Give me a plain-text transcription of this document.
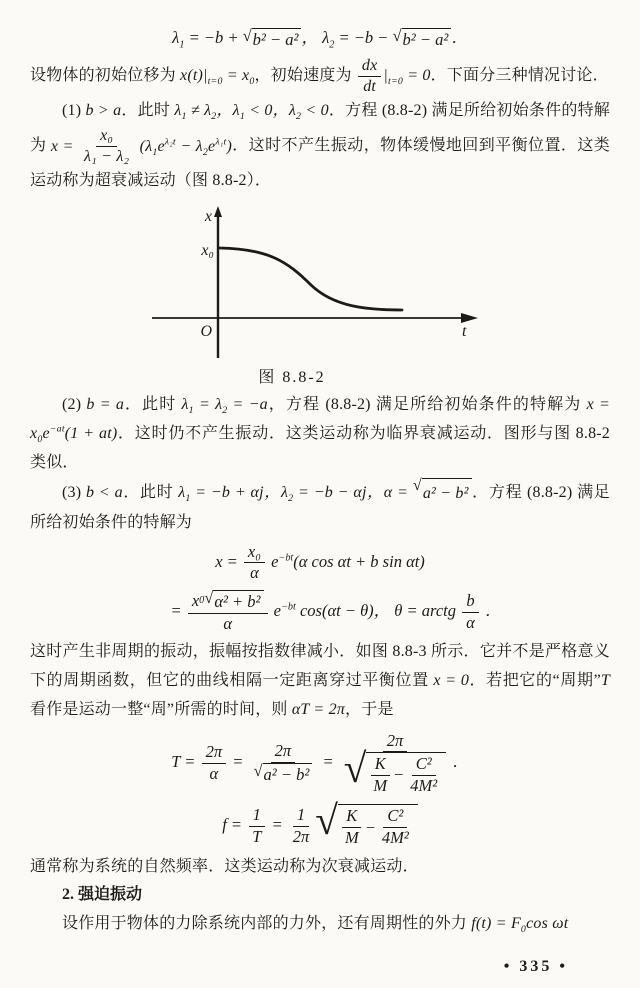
$\lambda_1 = -b$ + √ b² − a² ， $\lambda_2 = -b$ − √ b² − a² ．

设物体的初始位移为 $x(t)|_{t=0} = x_0$，初始速度为 $\frac{dx}{dt} |_{t=0} = 0$．下面分三种情况讨论．

(1) b > a．此时 $\lambda_1 \ne \lambda_2$，$\lambda_1 < 0$，$\lambda_2 < 0$．方程 (8.8-2) 满足所给初始条件的特解为 $x = \frac{\text{x₀}}{\text{λ₁ − λ₂}} (\lambda_1e^{\lambda_2t} - \lambda_2e^{\lambda_1t})$．这时不产生振动，物体缓慢地回到平衡位置．这类运动称为超衰减运动（图 8.8-2）．

x
x₀
O	t
图 8.8-2

(2) b = a．此时 $\lambda_1 = \lambda_2 = -a$，方程 (8.8-2) 满足所给初始条件的特解为 $x = x_0e^{-at}(1 + at)$．这时仍不产生振动．这类运动称为临界衰减运动．图形与图 8.8-2 类似．

(3) b < a．此时 $\lambda_1 = -b + \alpha j$，$\lambda_2 = -b - \alpha j$，α = √ a² − b² ．方程 (8.8-2) 满足所给初始条件的特解为

$x = \frac{\text{x₀}}{\alpha} e^{-bt}(\alpha$ cos αt + b sin αt)
= $\frac{\text{x 0 √ α² + b²}}{\alpha} e^{-bt}$ cos(αt − θ)， θ = arctg $\frac{b}{\alpha}$ ．

这时产生非周期的振动，振幅按指数律减小．如图 8.8-3 所示．它并不是严格意义下的周期函数，但它的曲线相隔一定距离穿过平衡位置 x = 0．若把它的“周期”T 看作是运动一整“周”所需的时间，则 αT = 2π，于是

$T = \frac{2\pi}{\alpha} = \frac{2\pi}{\text{√ a² − b²}} = \frac{2\pi}{√ \frac{K}{M} - \frac{\text{C²}}{\text{4M²}}}$ ．
$f = \frac{1}{T} = \frac{1}{2\pi}$ √ $\frac{K}{M} - \frac{\text{C²}}{\text{4M²}}$

通常称为系统的自然频率．这类运动称为次衰减运动．

2. 强迫振动

设作用于物体的力除系统内部的力外，还有周期性的外力 $f(t) = F_0\cos$ ωt

• 335 •
